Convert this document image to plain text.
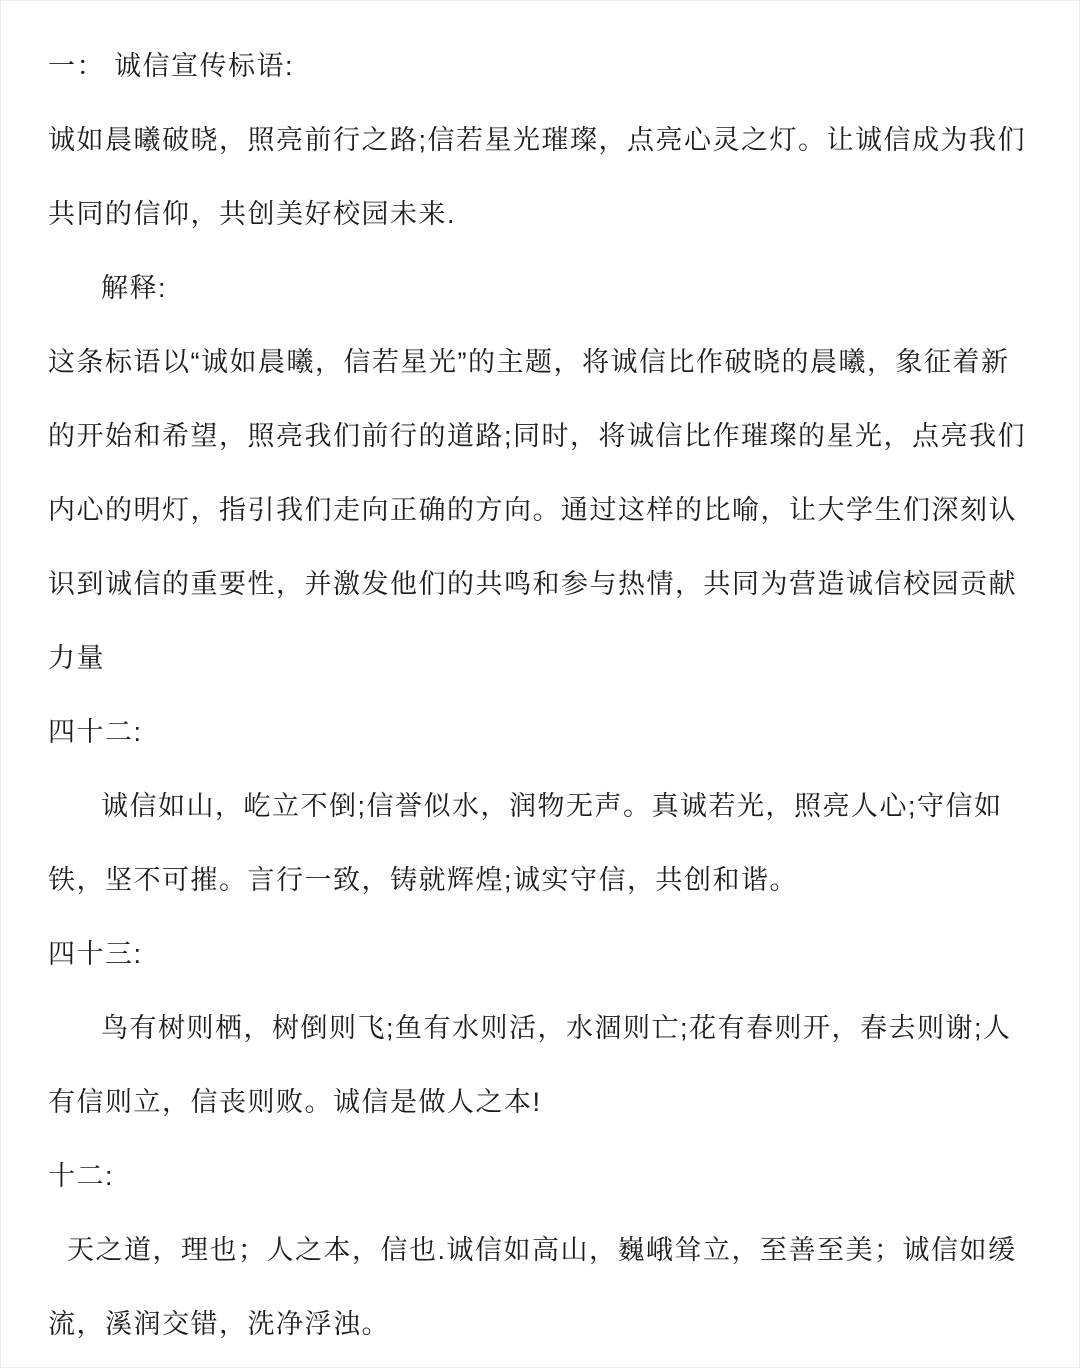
一： 诚信宣传标语:
诚如晨曦破晓，照亮前行之路;信若星光璀璨，点亮心灵之灯。让诚信成为我们
共同的信仰，共创美好校园未来.
解释:
这条标语以“诚如晨曦，信若星光”的主题，将诚信比作破晓的晨曦，象征着新
的开始和希望，照亮我们前行的道路;同时，将诚信比作璀璨的星光，点亮我们
内心的明灯，指引我们走向正确的方向。通过这样的比喻，让大学生们深刻认
识到诚信的重要性，并激发他们的共鸣和参与热情，共同为营造诚信校园贡献
力量
四十二:
诚信如山，屹立不倒;信誉似水，润物无声。真诚若光，照亮人心;守信如
铁，坚不可摧。言行一致，铸就辉煌;诚实守信，共创和谐。
四十三:
鸟有树则栖，树倒则飞;鱼有水则活，水涸则亡;花有春则开，春去则谢;人
有信则立，信丧则败。诚信是做人之本!
十二:
天之道，理也；人之本，信也.诚信如高山，巍峨耸立，至善至美；诚信如缓
流，溪润交错，洗净浮浊。
